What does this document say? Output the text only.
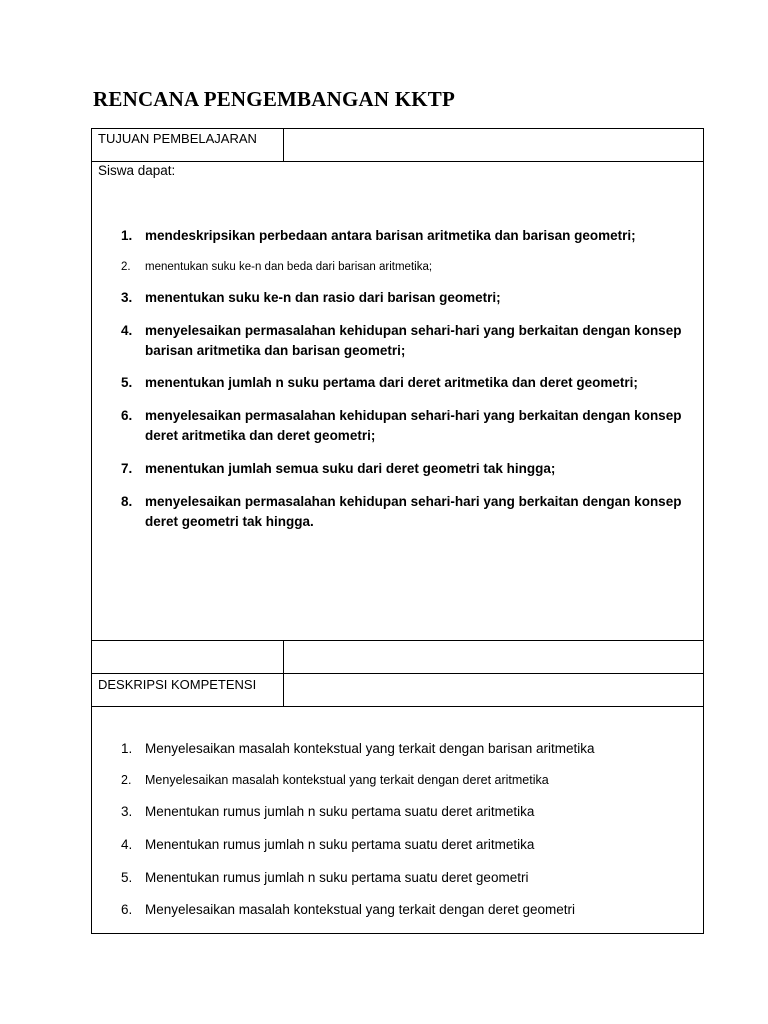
RENCANA PENGEMBANGAN KKTP
TUJUAN PEMBELAJARAN
Siswa dapat:
DESKRIPSI KOMPETENSI
1. mendeskripsikan perbedaan antara barisan aritmetika dan barisan geometri;
2.	menentukan suku ke-n dan beda dari barisan aritmetika;
3. menentukan suku ke-n dan rasio dari barisan geometri;
4. menyelesaikan permasalahan kehidupan sehari-hari yang berkaitan dengan konsep barisan aritmetika dan barisan geometri;
5. menentukan jumlah n suku pertama dari deret aritmetika dan deret geometri;
6. menyelesaikan permasalahan kehidupan sehari-hari yang berkaitan dengan konsep deret aritmetika dan deret geometri;
7. menentukan jumlah semua suku dari deret geometri tak hingga;
8. menyelesaikan permasalahan kehidupan sehari-hari yang berkaitan dengan konsep deret geometri tak hingga.
1. Menyelesaikan masalah kontekstual yang terkait dengan barisan aritmetika
2.	Menyelesaikan masalah kontekstual yang terkait dengan deret aritmetika
3. Menentukan rumus jumlah n suku pertama suatu deret aritmetika
4. Menentukan rumus jumlah n suku pertama suatu deret aritmetika
5. Menentukan rumus jumlah n suku pertama suatu deret geometri
6. Menyelesaikan masalah kontekstual yang terkait dengan deret geometri
